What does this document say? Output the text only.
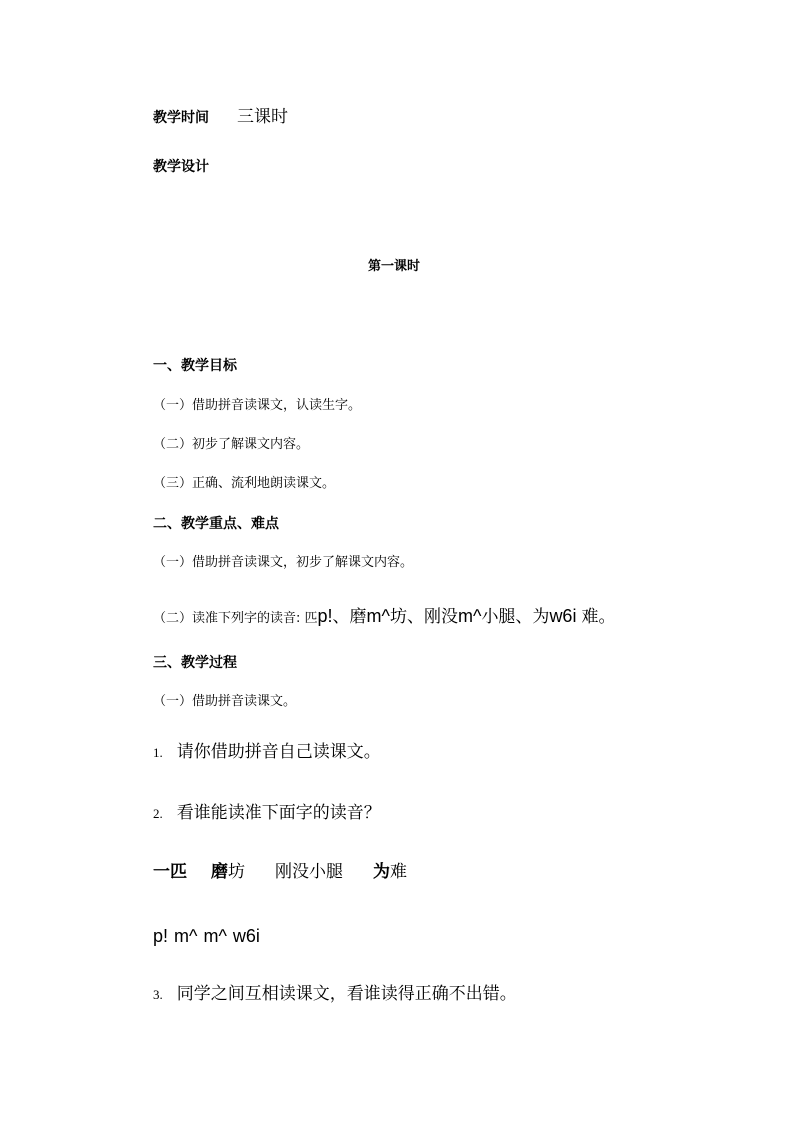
教学时间 三课时
教学设计
第一课时
一、教学目标
（一）借助拼音读课文，认读生字。
（二）初步了解课文内容。
（三）正确、流利地朗读课文。
二、教学重点、难点
（一）借助拼音读课文，初步了解课文内容。
（二）读准下列字的读音: 匹p!、磨m^坊、刚没m^小腿、为w6i 难。
三、教学过程
（一）借助拼音读课文。
1. 请你借助拼音自己读课文。
2. 看谁能读准下面字的读音？
一匹 磨坊 刚没小腿 为难
p! m^ m^ w6i
3. 同学之间互相读课文，看谁读得正确不出错。
